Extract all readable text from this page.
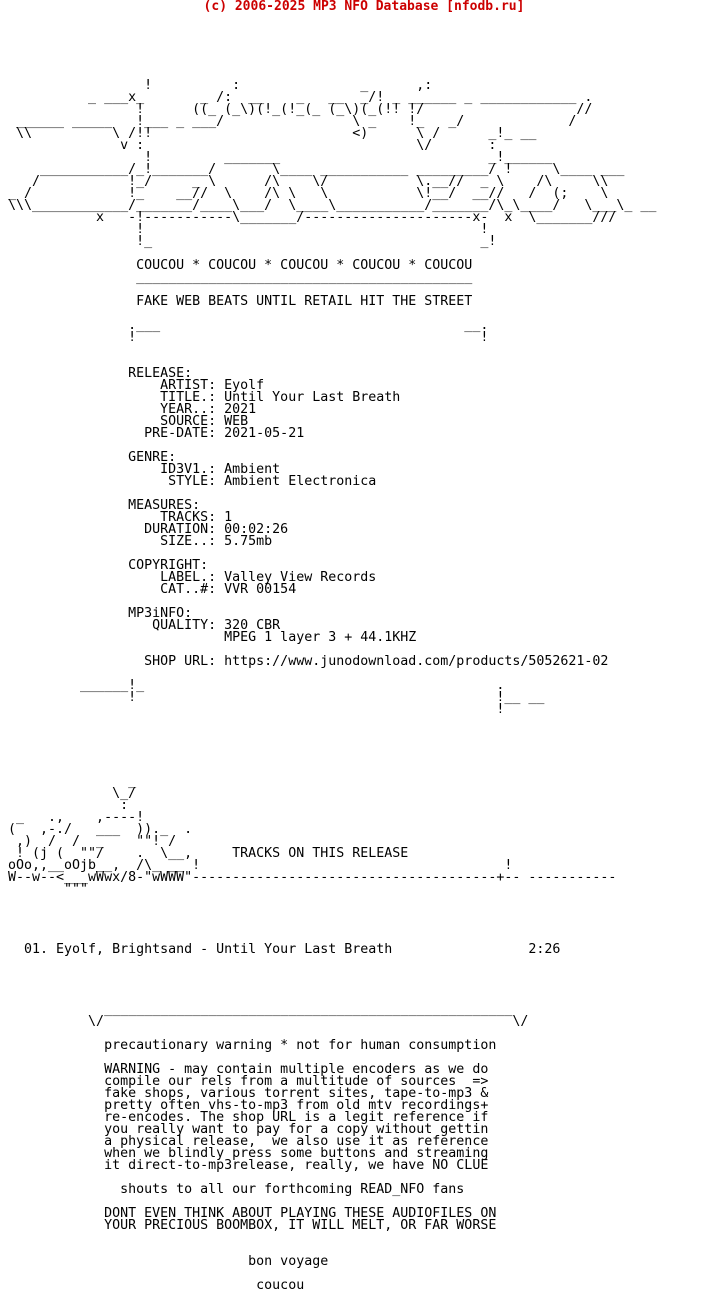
(c) 2006-2025 MP3 NFO Database [nfodb.ru]

!          :               _      ,:
_ ___x_       _ /:  __    _   __  _/! _ ______ _ ____________ .
!      ((_ (_\)(!_(!_(_ (_\)(_(!! !/                   //
______ _____   !___ _ ___/                \ _    !_   _/             /
\\          \ /!!                         <)      \ /      _!_ __
v :                                  \/       :
!         _______                          _!______
___________/_!_______/       \____ ___________ _________/ !     \____ ___
/           !_/     _ \      /\    \/           \.__//  _ \    /\     \\
_ /            !_    __//  \    /\ \   \           \!__/  __//   /  (;    \
\\\____________/_______/____\___/  \____\___________/_______/\_\____/   \___\_ __
x   -!-----------\_______/---------------------x-  x  \_______///
!                                          !
!_                                         _!
COUCOU * COUCOU * COUCOU * COUCOU * COUCOU
__________________________________________
FAKE WEB BEATS UNTIL RETAIL HIT THE STREET
.___                                      __.
!                                           !
RELEASE:
ARTIST: Eyolf
TITLE.: Until Your Last Breath
YEAR..: 2021
SOURCE: WEB
PRE-DATE: 2021-05-21
GENRE:
ID3V1.: Ambient
STYLE: Ambient Electronica
MEASURES:
TRACKS: 1
DURATION: 00:02:26
SIZE..: 5.75mb
COPYRIGHT:
LABEL.: Valley View Records
CAT..#: VVR 00154
MP3iNFO:
QUALITY: 320 CBR
MPEG 1 layer 3 + 44.1KHZ
SHOP URL: https://www.junodownload.com/products/5052621-02
______!_                                            .
!                                             !__ __
!
_
\_/
:
_   .,    ,----!
(   ,-./   ___  ))._  .
,)  /  /  _    ""! /
! (j (  ""/    .  \__,     TRACKS ON THIS RELEASE
oOo,,__oOjb__,  /\_ __ !                                      !
W--w--<___wWwx/8-"wWWW"--------------------------------------+-- -----------
"""
01. Eyolf, Brightsand - Until Your Last Breath                 2:26
___________________________________________________
\/                                                   \/
precautionary warning * not for human consumption
WARNING - may contain multiple encoders as we do
compile our rels from a multitude of sources  =>
fake shops, various torrent sites, tape-to-mp3 &
pretty often vhs-to-mp3 from old mtv recordings+
re-encodes. The shop URL is a legit reference if
you really want to pay for a copy without gettin
a physical release,  we also use it as reference
when we blindly press some buttons and streaming
it direct-to-mp3release, really, we have NO CLUE
shouts to all our forthcoming READ_NFO fans
DONT EVEN THINK ABOUT PLAYING THESE AUDIOFILES ON
YOUR PRECIOUS BOOMBOX, IT WILL MELT, OR FAR WORSE
bon voyage
coucou
